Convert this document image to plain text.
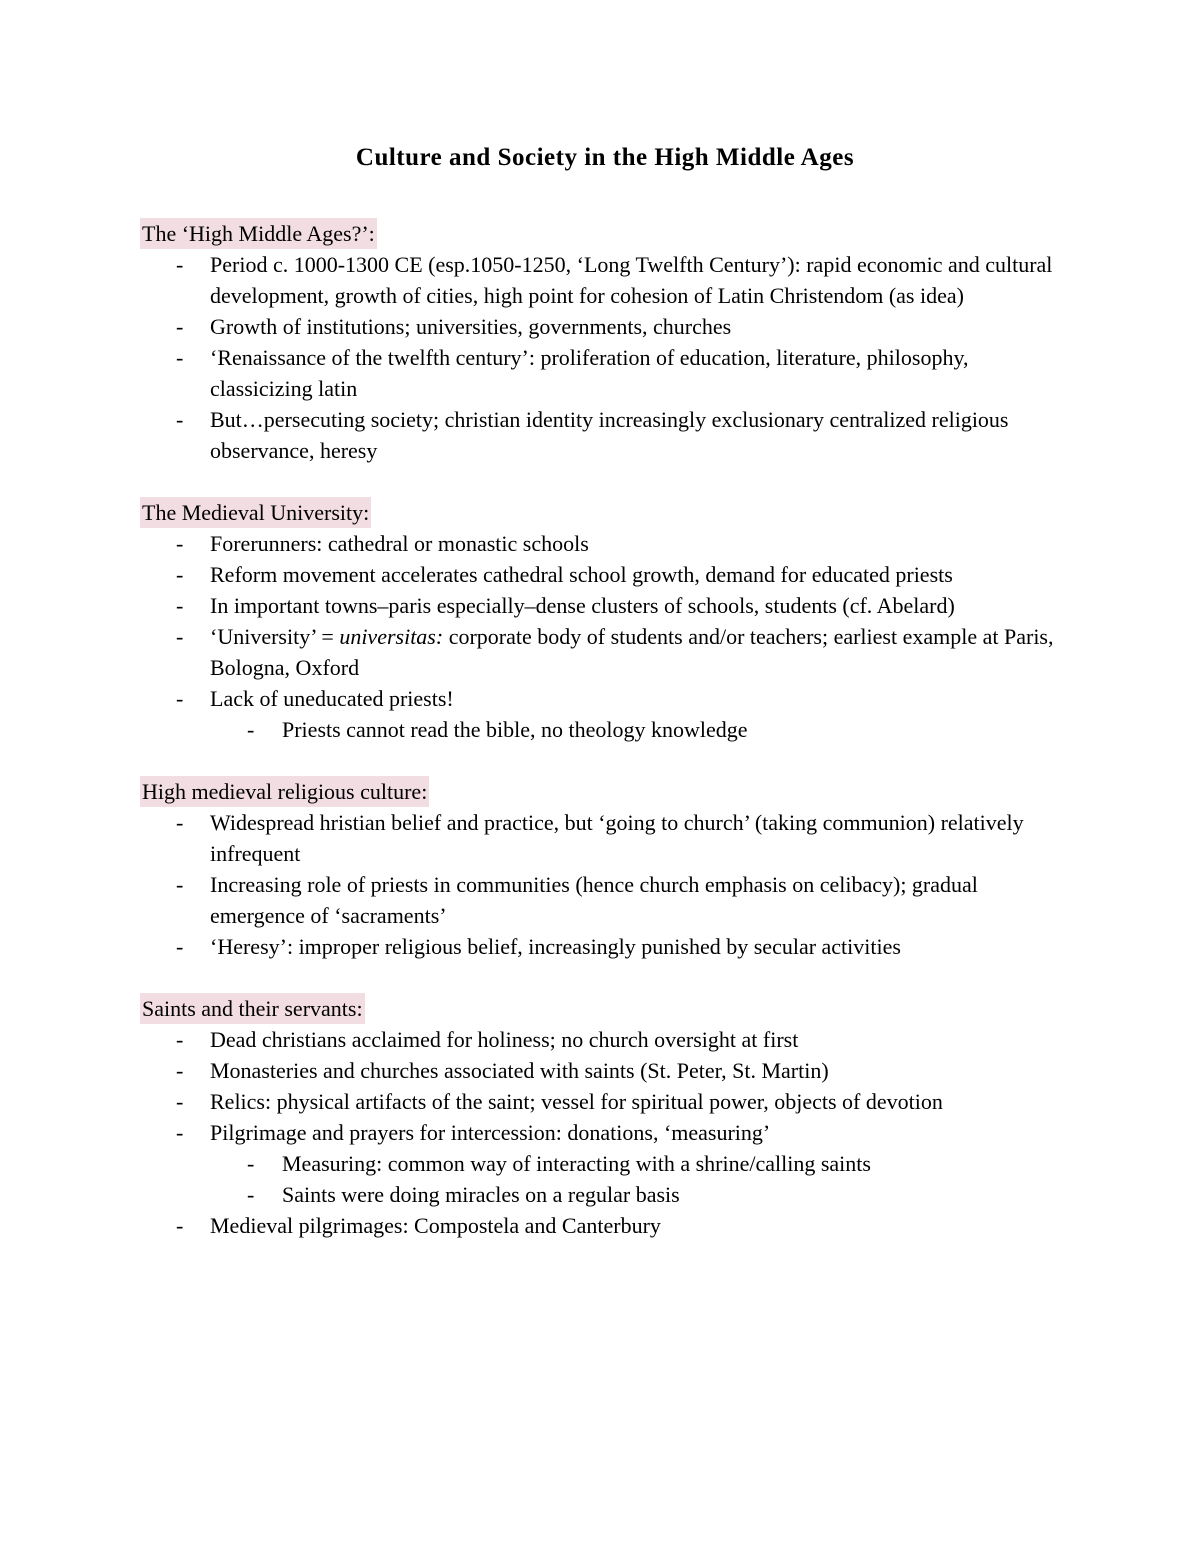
Culture and Society in the High Middle Ages
The ‘High Middle Ages?’:
- Period c. 1000-1300 CE (esp.1050-1250, ‘Long Twelfth Century’): rapid economic and cultural development, growth of cities, high point for cohesion of Latin Christendom (as idea)
- Growth of institutions; universities, governments, churches
- ‘Renaissance of the twelfth century’: proliferation of education, literature, philosophy, classicizing latin
- But…persecuting society; christian identity increasingly exclusionary centralized religious observance, heresy
The Medieval University:
- Forerunners: cathedral or monastic schools
- Reform movement accelerates cathedral school growth, demand for educated priests
- In important towns–paris especially–dense clusters of schools, students (cf. Abelard)
- ‘University’ = universitas: corporate body of students and/or teachers; earliest example at Paris, Bologna, Oxford
- Lack of uneducated priests!
- Priests cannot read the bible, no theology knowledge
High medieval religious culture:
- Widespread hristian belief and practice, but ‘going to church’ (taking communion) relatively infrequent
- Increasing role of priests in communities (hence church emphasis on celibacy); gradual emergence of ‘sacraments’
- ‘Heresy’: improper religious belief, increasingly punished by secular activities
Saints and their servants:
- Dead christians acclaimed for holiness; no church oversight at first
- Monasteries and churches associated with saints (St. Peter, St. Martin)
- Relics: physical artifacts of the saint; vessel for spiritual power, objects of devotion
- Pilgrimage and prayers for intercession: donations, ‘measuring’
- Measuring: common way of interacting with a shrine/calling saints
- Saints were doing miracles on a regular basis
- Medieval pilgrimages: Compostela and Canterbury
